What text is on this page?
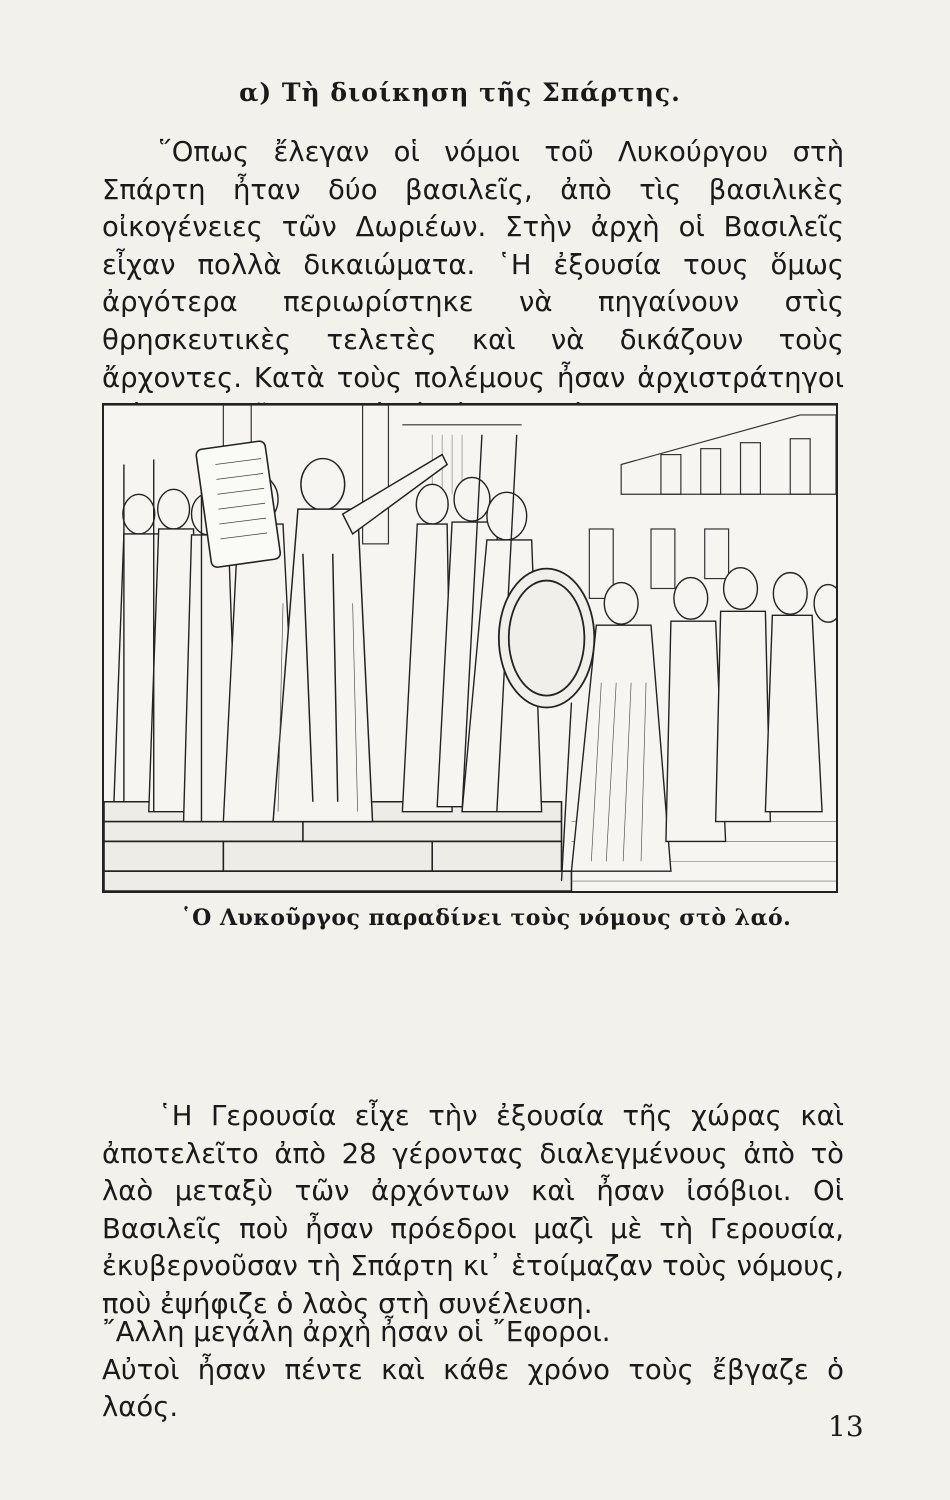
α) Τὴ διοίκηση τῆς Σπάρτης.

῞Οπως ἔλεγαν οἱ νόμοι τοῦ Λυκούργου στὴ Σπάρτη ἦταν δύο βασιλεῖς, ἀπὸ τὶς βασιλικὲς οἰκογένειες τῶν Δωριέων. Στὴν ἀρχὴ οἱ Βασιλεῖς εἶχαν πολλὰ δικαιώματα. ῾Η ἐξουσία τους ὅμως ἀργότερα περιωρίστηκε νὰ πηγαίνουν στὶς θρησκευτικὲς τελετὲς καὶ νὰ δικάζουν τοὺς ἄρχοντες. Κατὰ τοὺς πολέμους ἦσαν ἀρχιστράτηγοι

῾Ο Λυκοῦργος παραδίνει τοὺς νόμους στὸ λαό.

῾Η Γερουσία εἶχε τὴν ἐξουσία τῆς χώρας καὶ ἀποτελεῖτο ἀπὸ 28 γέροντας διαλεγμένους ἀπὸ τὸ λαὸ μεταξὺ τῶν ἀρχόντων καὶ ἦσαν ἰσόβιοι. Οἱ Βασιλεῖς ποὺ ἦσαν πρόεδροι μαζὶ μὲ τὴ Γερουσία, ἐκυβερνοῦσαν τὴ Σπάρτη κι᾿ ἑτοίμαζαν τοὺς νόμους, ποὺ ἐψήφιζε ὁ λαὸς στὴ συνέλευση.

῎Αλλη μεγάλη ἀρχὴ ἦσαν οἱ ῎Εφοροι.
Αὐτοὶ ἦσαν πέντε καὶ κάθε χρόνο τοὺς ἔβγαζε ὁ λαός.

13
